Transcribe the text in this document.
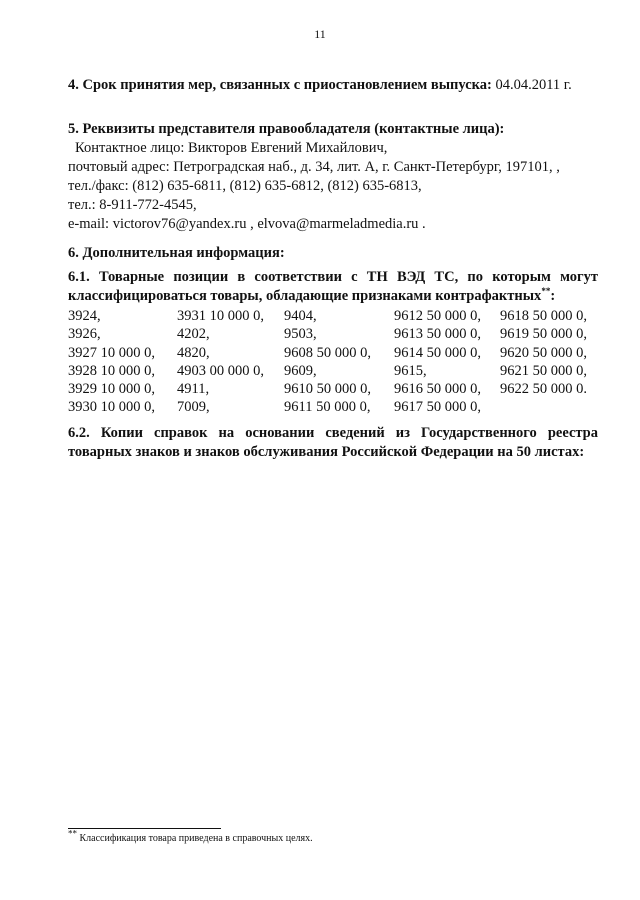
11
4. Срок принятия мер, связанных с приостановлением выпуска: 04.04.2011 г.
5. Реквизиты представителя правообладателя (контактные лица):
Контактное лицо: Викторов Евгений Михайлович,
почтовый адрес: Петроградская наб., д. 34, лит. А, г. Санкт-Петербург, 197101, ,
тел./факс: (812) 635-6811, (812) 635-6812, (812) 635-6813,
тел.: 8-911-772-4545,
e-mail: victorov76@yandex.ru , elvova@marmeladmedia.ru .
6. Дополнительная информация:
6.1. Товарные позиции в соответствии с ТН ВЭД ТС, по которым могут
классифицироваться товары, обладающие признаками контрафактных**:
3924,
3926,
3927 10 000 0,
3928 10 000 0,
3929 10 000 0,
3930 10 000 0,
3931 10 000 0,
4202,
4820,
4903 00 000 0,
4911,
7009,
9404,
9503,
9608 50 000 0,
9609,
9610 50 000 0,
9611 50 000 0,
9612 50 000 0,
9613 50 000 0,
9614 50 000 0,
9615,
9616 50 000 0,
9617 50 000 0,
9618 50 000 0,
9619 50 000 0,
9620 50 000 0,
9621 50 000 0,
9622 50 000 0.
6.2. Копии справок на основании сведений из Государственного реестра
товарных знаков и знаков обслуживания Российской Федерации на 50 листах:
** Классификация товара приведена в справочных целях.
